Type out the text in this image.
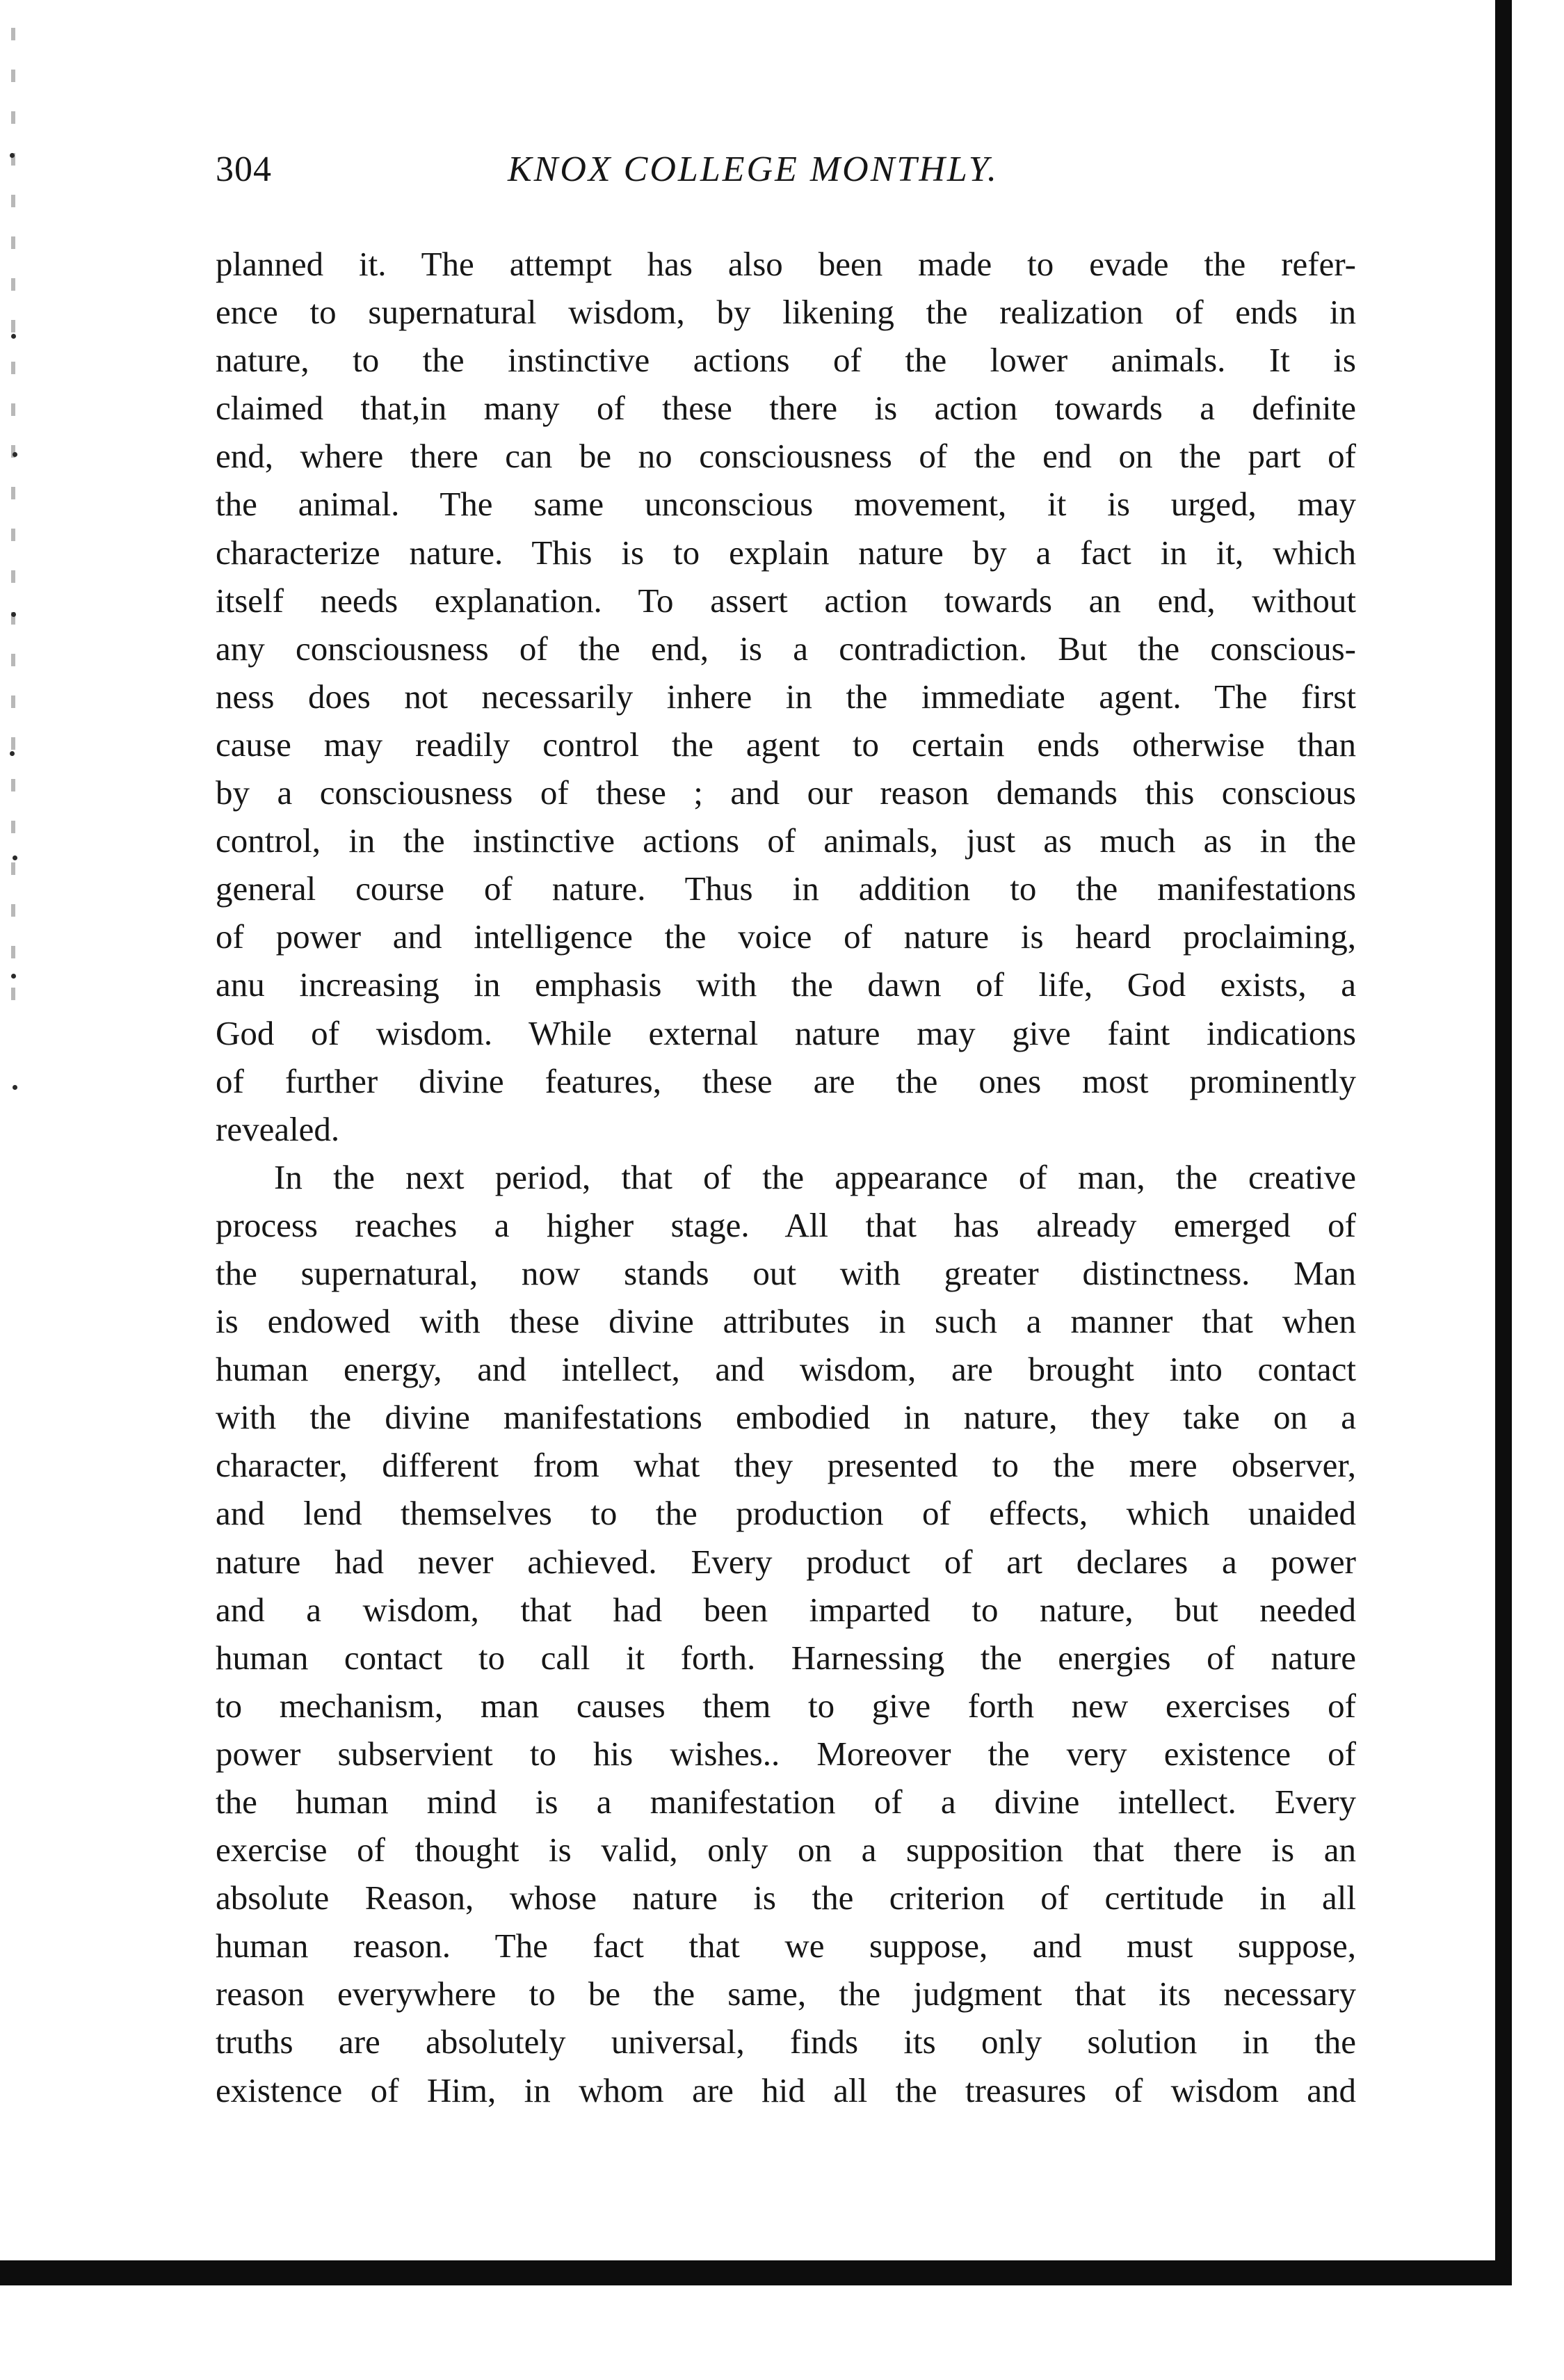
304	KNOX COLLEGE MONTHLY.
planned it. The attempt has also been made to evade the refer-
ence to supernatural wisdom, by likening the realization of ends in
nature, to the instinctive actions of the lower animals. It is
claimed that,in many of these there is action towards a definite
end, where there can be no consciousness of the end on the part of
the animal. The same unconscious movement, it is urged, may
characterize nature. This is to explain nature by a fact in it, which
itself needs explanation. To assert action towards an end, without
any consciousness of the end, is a contradiction. But the conscious-
ness does not necessarily inhere in the immediate agent. The first
cause may readily control the agent to certain ends otherwise than
by a consciousness of these ; and our reason demands this conscious
control, in the instinctive actions of animals, just as much as in the
general course of nature. Thus in addition to the manifestations
of power and intelligence the voice of nature is heard proclaiming,
anu increasing in emphasis with the dawn of life, God exists, a
God of wisdom. While external nature may give faint indications
of further divine features, these are the ones most prominently
revealed.
In the next period, that of the appearance of man, the creative
process reaches a higher stage. All that has already emerged of
the supernatural, now stands out with greater distinctness. Man
is endowed with these divine attributes in such a manner that when
human energy, and intellect, and wisdom, are brought into contact
with the divine manifestations embodied in nature, they take on a
character, different from what they presented to the mere observer,
and lend themselves to the production of effects, which unaided
nature had never achieved. Every product of art declares a power
and a wisdom, that had been imparted to nature, but needed
human contact to call it forth. Harnessing the energies of nature
to mechanism, man causes them to give forth new exercises of
power subservient to his wishes.. Moreover the very existence of
the human mind is a manifestation of a divine intellect. Every
exercise of thought is valid, only on a supposition that there is an
absolute Reason, whose nature is the criterion of certitude in all
human reason. The fact that we suppose, and must suppose,
reason everywhere to be the same, the judgment that its necessary
truths are absolutely universal, finds its only solution in the
existence of Him, in whom are hid all the treasures of wisdom and
